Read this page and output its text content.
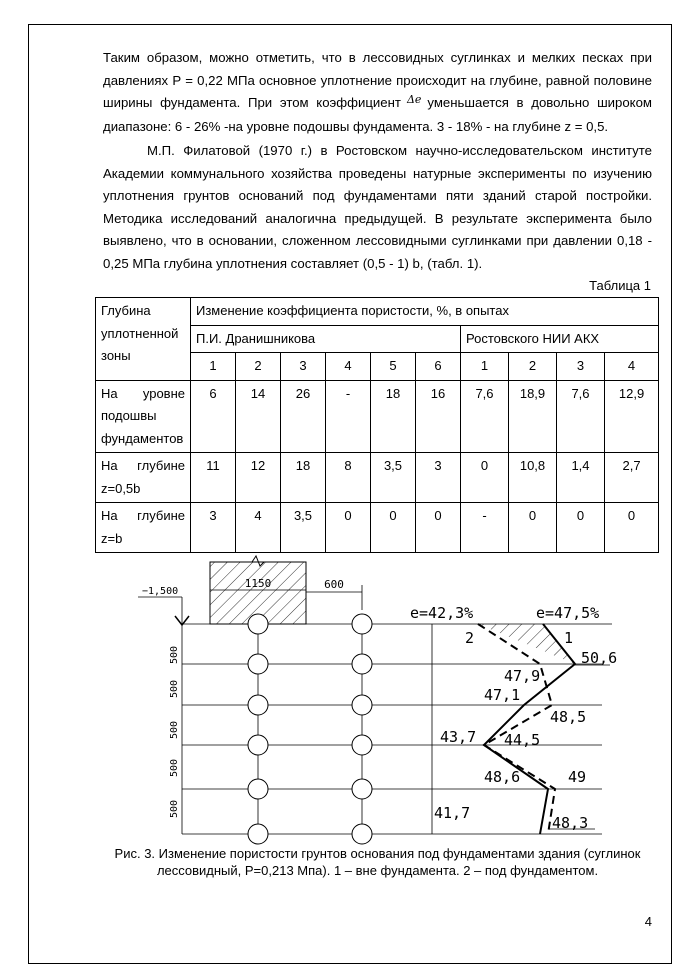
Таким образом, можно отметить, что в лессовидных суглинках и мелких песках при давлениях Р = 0,22 МПа основное уплотнение происходит на глубине, равной половине ширины фундамента. При этом коэффициент $^{\Delta e}$ уменьшается в довольно широком диапазоне: 6 - 26% -на уровне подошвы фундамента. 3 - 18% - на глубине z = 0,5.

М.П. Филатовой (1970 г.) в Ростовском научно-исследовательском институте Академии коммунального хозяйства проведены натурные эксперименты по изучению уплотнения грунтов оснований под фундаментами пяти зданий старой постройки. Методика исследований аналогична предыдущей. В результате эксперимента было выявлено, что в основании, сложенном лессовидными суглинками при давлении 0,18 - 0,25 МПа глубина уплотнения составляет (0,5 - 1) b, (табл. 1).

Таблица 1
Глубина уплотненной зоны	Изменение коэффициента пористости, %, в опытах									
	П.И. Дранишникова						Ростовского НИИ АКХ			
	1	2	3	4	5	6	1	2	3	4
На уровне подошвы фундаментов	6	14	26	-	18	16	7,6	18,9	7,6	12,9
На глубине z=0,5b	11	12	18	8	3,5	3	0	10,8	1,4	2,7
На глубине z=b	3	4	3,5	0	0	0	-	0	0	0
1150	600
−1,500
500
500
500
500
500
e=42,3%	e=47,5%
2	1
50,6
47,9
47,1
48,5
43,7 44,5
48,6	49
41,7
48,3

Рис. 3. Изменение пористости грунтов основания под фундаментами здания (суглинок лессовидный, Р=0,213 Мпа). 1 – вне фундамента. 2 – под фундаментом.

4
